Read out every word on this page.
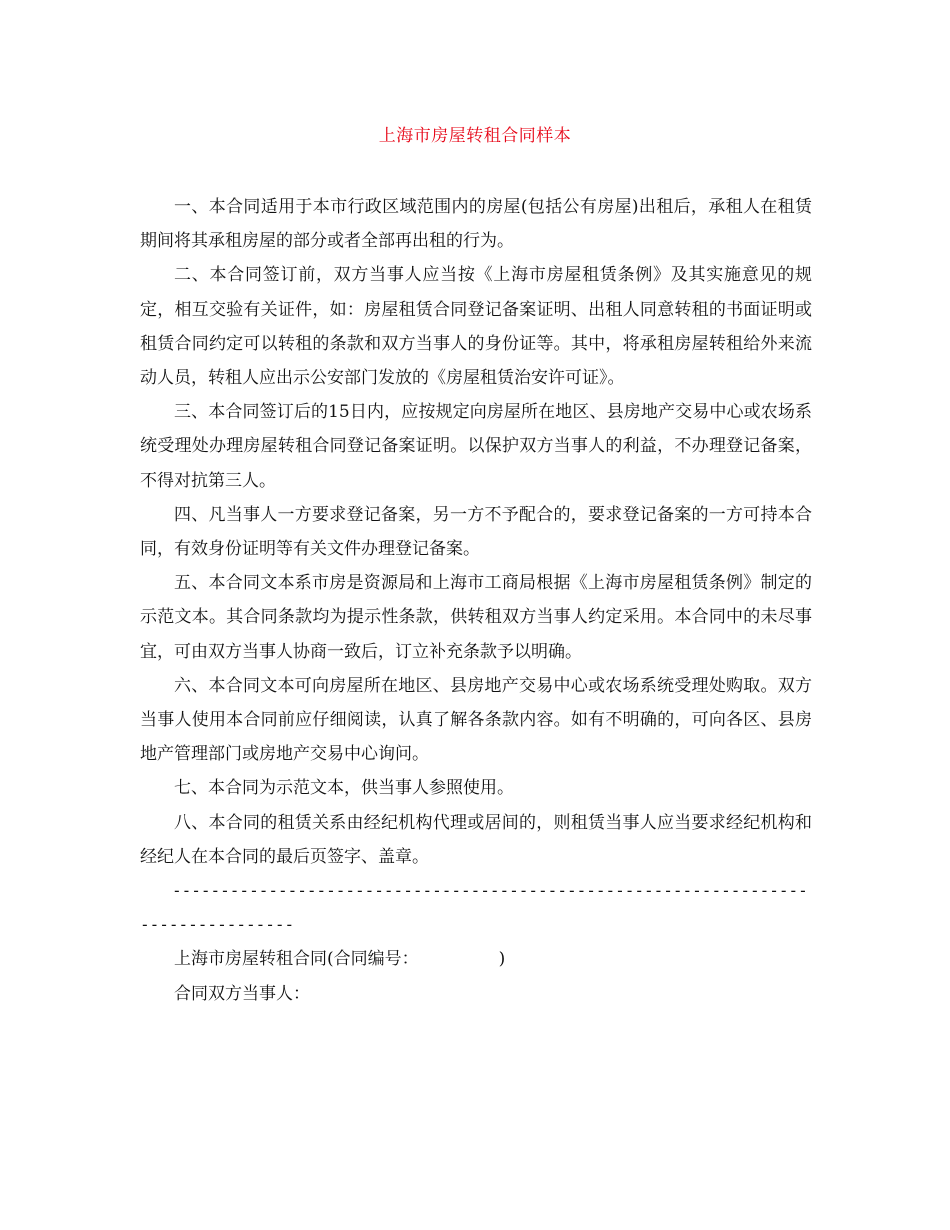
上海市房屋转租合同样本

一、本合同适用于本市行政区域范围内的房屋(包括公有房屋)出租后，承租人在租赁期间将其承租房屋的部分或者全部再出租的行为。

二、本合同签订前，双方当事人应当按《上海市房屋租赁条例》及其实施意见的规定，相互交验有关证件，如：房屋租赁合同登记备案证明、出租人同意转租的书面证明或租赁合同约定可以转租的条款和双方当事人的身份证等。其中，将承租房屋转租给外来流动人员，转租人应出示公安部门发放的《房屋租赁治安许可证》。

三、本合同签订后的15日内，应按规定向房屋所在地区、县房地产交易中心或农场系统受理处办理房屋转租合同登记备案证明。以保护双方当事人的利益，不办理登记备案，不得对抗第三人。

四、凡当事人一方要求登记备案，另一方不予配合的，要求登记备案的一方可持本合同，有效身份证明等有关文件办理登记备案。

五、本合同文本系市房是资源局和上海市工商局根据《上海市房屋租赁条例》制定的示范文本。其合同条款均为提示性条款，供转租双方当事人约定采用。本合同中的未尽事宜，可由双方当事人协商一致后，订立补充条款予以明确。

六、本合同文本可向房屋所在地区、县房地产交易中心或农场系统受理处购取。双方当事人使用本合同前应仔细阅读，认真了解各条款内容。如有不明确的，可向各区、县房地产管理部门或房地产交易中心询问。

七、本合同为示范文本，供当事人参照使用。

八、本合同的租赁关系由经纪机构代理或居间的，则租赁当事人应当要求经纪机构和经纪人在本合同的最后页签字、盖章。

----------------------------------------------------------------------------------

上海市房屋转租合同(合同编号：	)

合同双方当事人：
